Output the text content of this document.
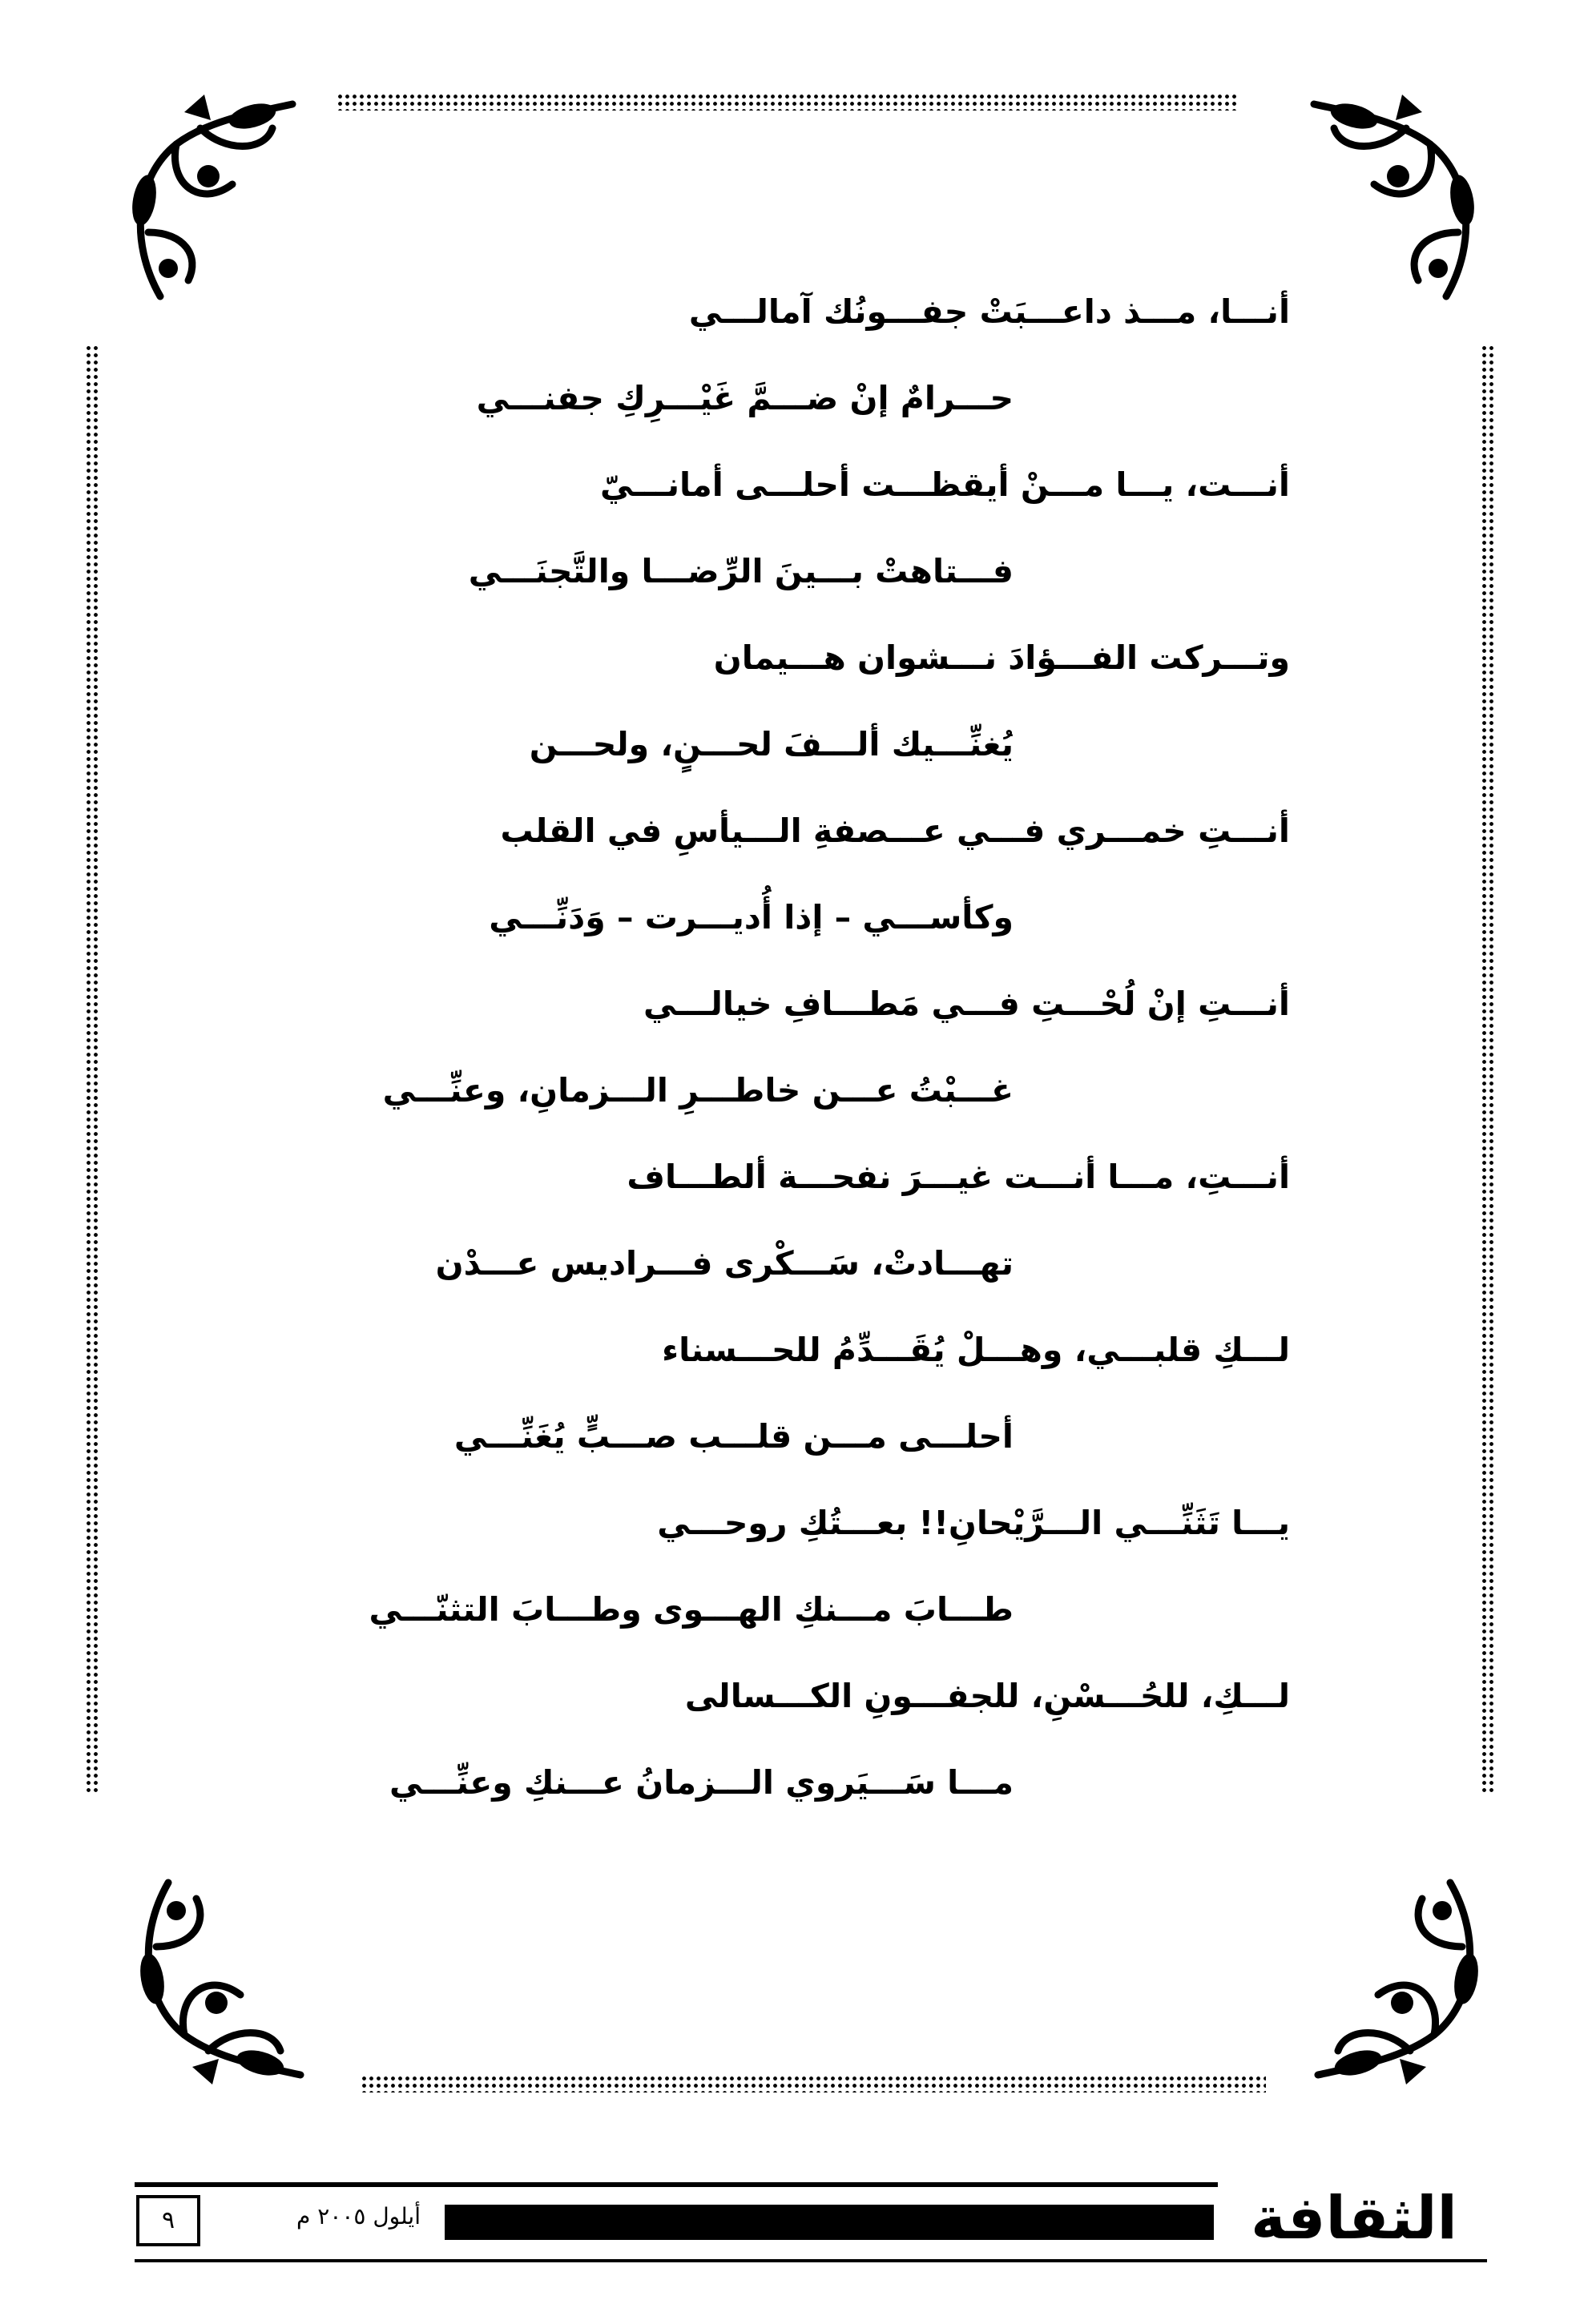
أنـــا، مـــذ داعـــبَتْ جفـــونُك آمالـــي
حـــرامٌ إنْ ضـــمَّ غَيْـــرِكِ جفنـــي
أنـــت، يـــا مـــنْ أيقظـــت أحلـــى أمانـــيّ
فـــتاهتْ بـــينَ الرِّضـــا والتَّجنَـــي
وتـــركت الفـــؤادَ نـــشوان هـــيمان
يُغنِّـــيك ألـــفَ لحـــنٍ، ولحـــن
أنـــتِ خمـــري فـــي عـــصفةِ الـــيأسِ في القلب
وكأســـي – إذا أُديـــرت – وَدَنِّـــي
أنـــتِ إنْ لُحْـــتِ فـــي مَطـــافِ خيالـــي
غـــبْتُ عـــن خاطـــرِ الـــزمانِ، وعنِّـــي
أنـــتِ، مـــا أنـــت غيـــرَ نفحـــة ألطـــاف
تهـــادتْ، سَـــكْرى فـــراديس عـــدْن
لـــكِ قلبـــي، وهـــلْ يُقَـــدِّمُ للحـــسناء
أحلـــى مـــن قلـــب صـــبٍّ يُغَنِّـــي
يـــا تَثَنِّـــي الـــرَّيْحانِ!! بعـــتُكِ روحـــي
طـــابَ مـــنكِ الهـــوى وطـــابَ التثنّـــي
لـــكِ، للحُـــسْنِ، للجفـــونِ الكـــسالى
مـــا سَـــيَروي الـــزمانُ عـــنكِ وعنِّـــي
الثقافة
أيلول ٢٠٠٥ م
٩
